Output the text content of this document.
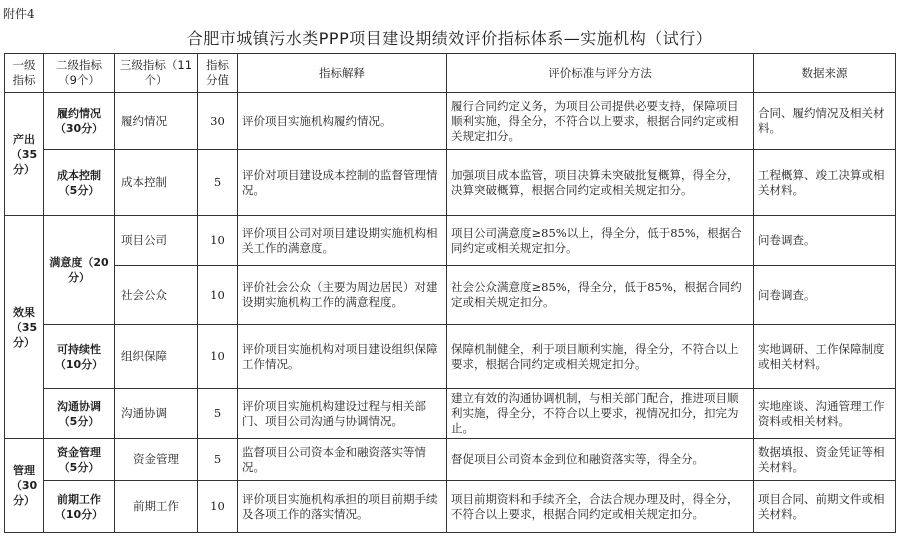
附件4
合肥市城镇污水类PPP项目建设期绩效评价指标体系—实施机构（试行）
一级指标	二级指标（9个）	三级指标（11个）	指标分值	指标解释	评价标准与评分方法	数据来源
产出（35分）	履约情况（30分）	履约情况	30	评价项目实施机构履约情况。	履行合同约定义务，为项目公司提供必要支持，保障项目顺利实施，得全分，不符合以上要求，根据合同约定或相关规定扣分。	合同、履约情况及相关材料。
	成本控制（5分）	成本控制	5	评价对项目建设成本控制的监督管理情况。	加强项目成本监管，项目决算未突破批复概算，得全分，决算突破概算，根据合同约定或相关规定扣分。	工程概算、竣工决算或相关材料。
效果（35分）	满意度（20分）	项目公司	10	评价项目公司对项目建设期实施机构相关工作的满意度。	项目公司满意度≥85%以上，得全分，低于85%，根据合同约定或相关规定扣分。	问卷调查。
		社会公众	10	评价社会公众（主要为周边居民）对建设期实施机构工作的满意程度。	社会公众满意度≥85%，得全分，低于85%，根据合同约定或相关规定扣分。	问卷调查。
	可持续性（10分）	组织保障	10	评价项目实施机构对项目建设组织保障工作情况。	保障机制健全，利于项目顺利实施，得全分，不符合以上要求，根据合同约定或相关规定扣分。	实地调研、工作保障制度或相关材料。
	沟通协调（5分）	沟通协调	5	评价项目实施机构建设过程与相关部门、项目公司沟通与协调情况。	建立有效的沟通协调机制，与相关部门配合，推进项目顺利实施，得全分，不符合以上要求，视情况扣分，扣完为止。	实地座谈、沟通管理工作资料或相关材料。
管理（30分）	资金管理（5分）	资金管理	5	监督项目公司资本金和融资落实等情况。	督促项目公司资本金到位和融资落实等，得全分。	数据填报、资金凭证等相关材料。
	前期工作（10分）	前期工作	10	评价项目实施机构承担的项目前期手续及各项工作的落实情况。	项目前期资料和手续齐全，合法合规办理及时，得全分，不符合以上要求，根据合同约定或相关规定扣分。	项目合同、前期文件或相关材料。
